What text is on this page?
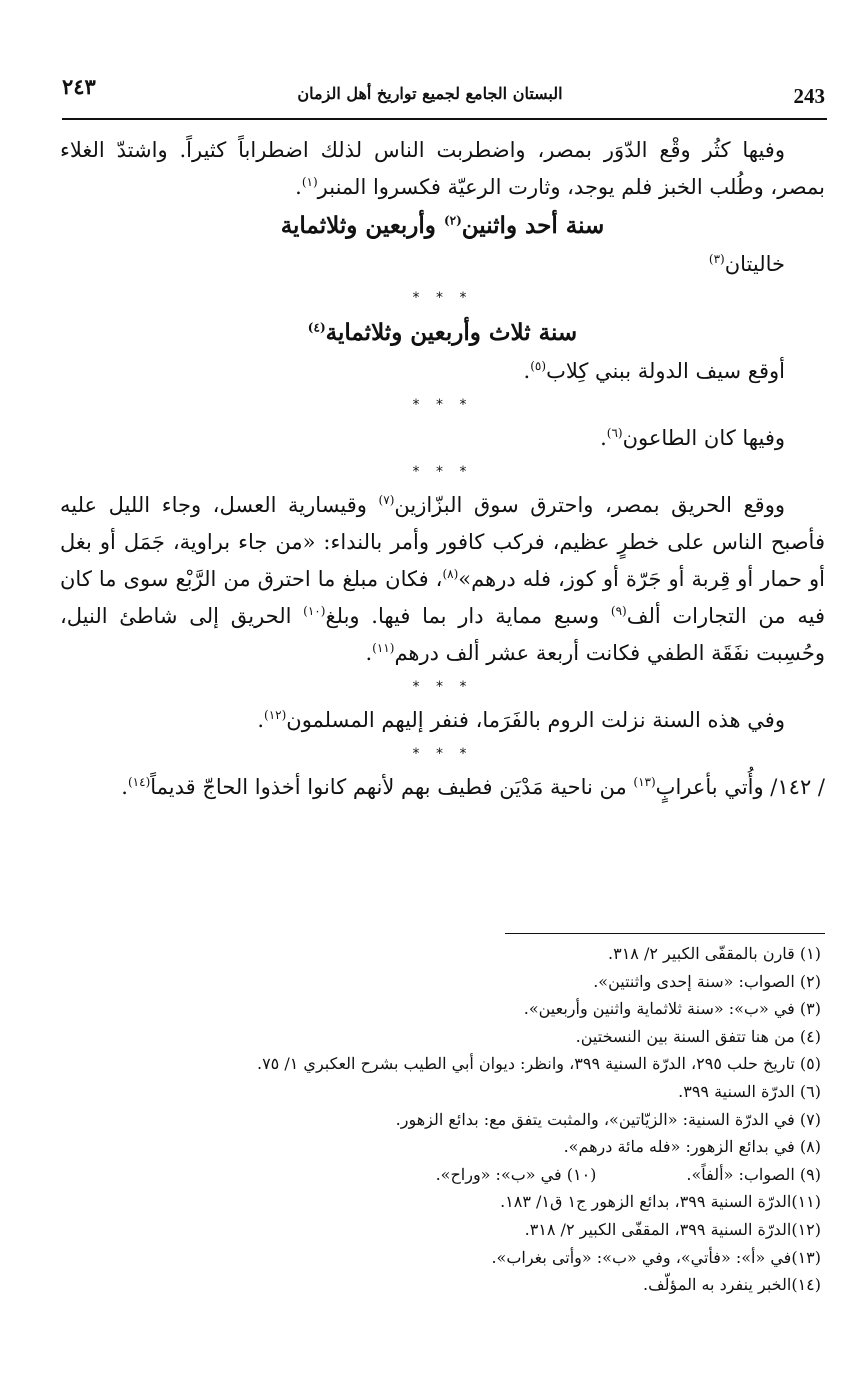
٢٤٣	البستان الجامع لجميع تواريخ أهل الزمان	243

وفيها كثُر وقْع الدّوَر بمصر، واضطربت الناس لذلك اضطراباً كثيراً. واشتدّ الغلاء بمصر، وطُلب الخبز فلم يوجد، وثارت الرعيّة فكسروا المنبر$^{(١)}$.

سنة أحد واثنين$^{(٢)}$ وأربعين وثلاثماية

خاليتان$^{(٣)}$

* * *

سنة ثلاث وأربعين وثلاثماية$^{(٤)}$

أوقع سيف الدولة ببني كِلاب$^{(٥)}$.

* * *

وفيها كان الطاعون$^{(٦)}$.

* * *

ووقع الحريق بمصر، واحترق سوق البزّازين$^{(٧)}$ وقيسارية العسل، وجاء الليل عليه فأصبح الناس على خطرٍ عظيم، فركب كافور وأمر بالنداء: «من جاء براوية، جَمَل أو بغل أو حمار أو قِربة أو جَرّة أو كوز، فله درهم»$^{(٨)}$، فكان مبلغ ما احترق من الرَّبْع سوى ما كان فيه من التجارات ألف$^{(٩)}$ وسبع مماية دار بما فيها. وبلغ$^{(١٠)}$ الحريق إلى شاطئ النيل، وحُسِبت نفَقَة الطفي فكانت أربعة عشر ألف درهم$^{(١١)}$.

* * *

وفي هذه السنة نزلت الروم بالفَرَما، فنفر إليهم المسلمون$^{(١٢)}$.

* * *

/ ١٤٢/ وأُتي بأعرابٍ$^{(١٣)}$ من ناحية مَدْيَن فطيف بهم لأنهم كانوا أخذوا الحاجّ قديماً$^{(١٤)}$.

(١) قارن بالمقفّى الكبير ٢/ ٣١٨.

(٢) الصواب: «سنة إحدى واثنتين».

(٣) في «ب»: «سنة ثلاثماية واثنين وأربعين».

(٤) من هنا تتفق السنة بين النسختين.

(٥) تاريخ حلب ٢٩٥، الدرّة السنية ٣٩٩، وانظر: ديوان أبي الطيب بشرح العكبري ١/ ٧٥.

(٦) الدرّة السنية ٣٩٩.

(٧) في الدرّة السنية: «الزيّاتين»، والمثبت يتفق مع: بدائع الزهور.

(٨) في بدائع الزهور: «فله مائة درهم».

(٩) الصواب: «ألفاً».(١٠) في «ب»: «وراح».

(١١)الدرّة السنية ٣٩٩، بدائع الزهور ج١ ق١/ ١٨٣.

(١٢)الدرّة السنية ٣٩٩، المقفّى الكبير ٢/ ٣١٨.

(١٣)في «أ»: «فأتي»، وفي «ب»: «وأتى بغراب».

(١٤)الخبر ينفرد به المؤلّف.
